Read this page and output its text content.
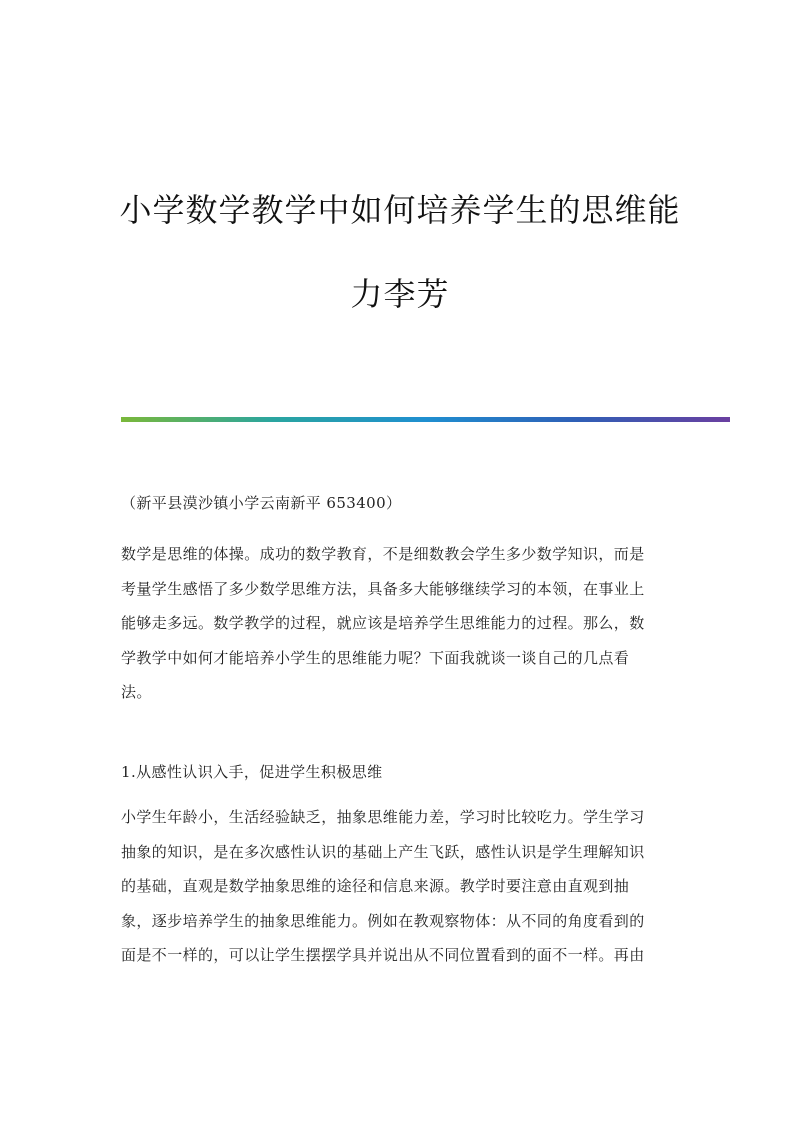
小学数学教学中如何培养学生的思维能
力李芳
（新平县漠沙镇小学云南新平 653400）
数学是思维的体操。成功的数学教育，不是细数教会学生多少数学知识，而是
考量学生感悟了多少数学思维方法，具备多大能够继续学习的本领，在事业上
能够走多远。数学教学的过程，就应该是培养学生思维能力的过程。那么，数
学教学中如何才能培养小学生的思维能力呢？下面我就谈一谈自己的几点看
法。
1.从感性认识入手，促进学生积极思维
小学生年龄小，生活经验缺乏，抽象思维能力差，学习时比较吃力。学生学习
抽象的知识，是在多次感性认识的基础上产生飞跃，感性认识是学生理解知识
的基础，直观是数学抽象思维的途径和信息来源。教学时要注意由直观到抽
象，逐步培养学生的抽象思维能力。例如在教观察物体：从不同的角度看到的
面是不一样的，可以让学生摆摆学具并说出从不同位置看到的面不一样。再由
